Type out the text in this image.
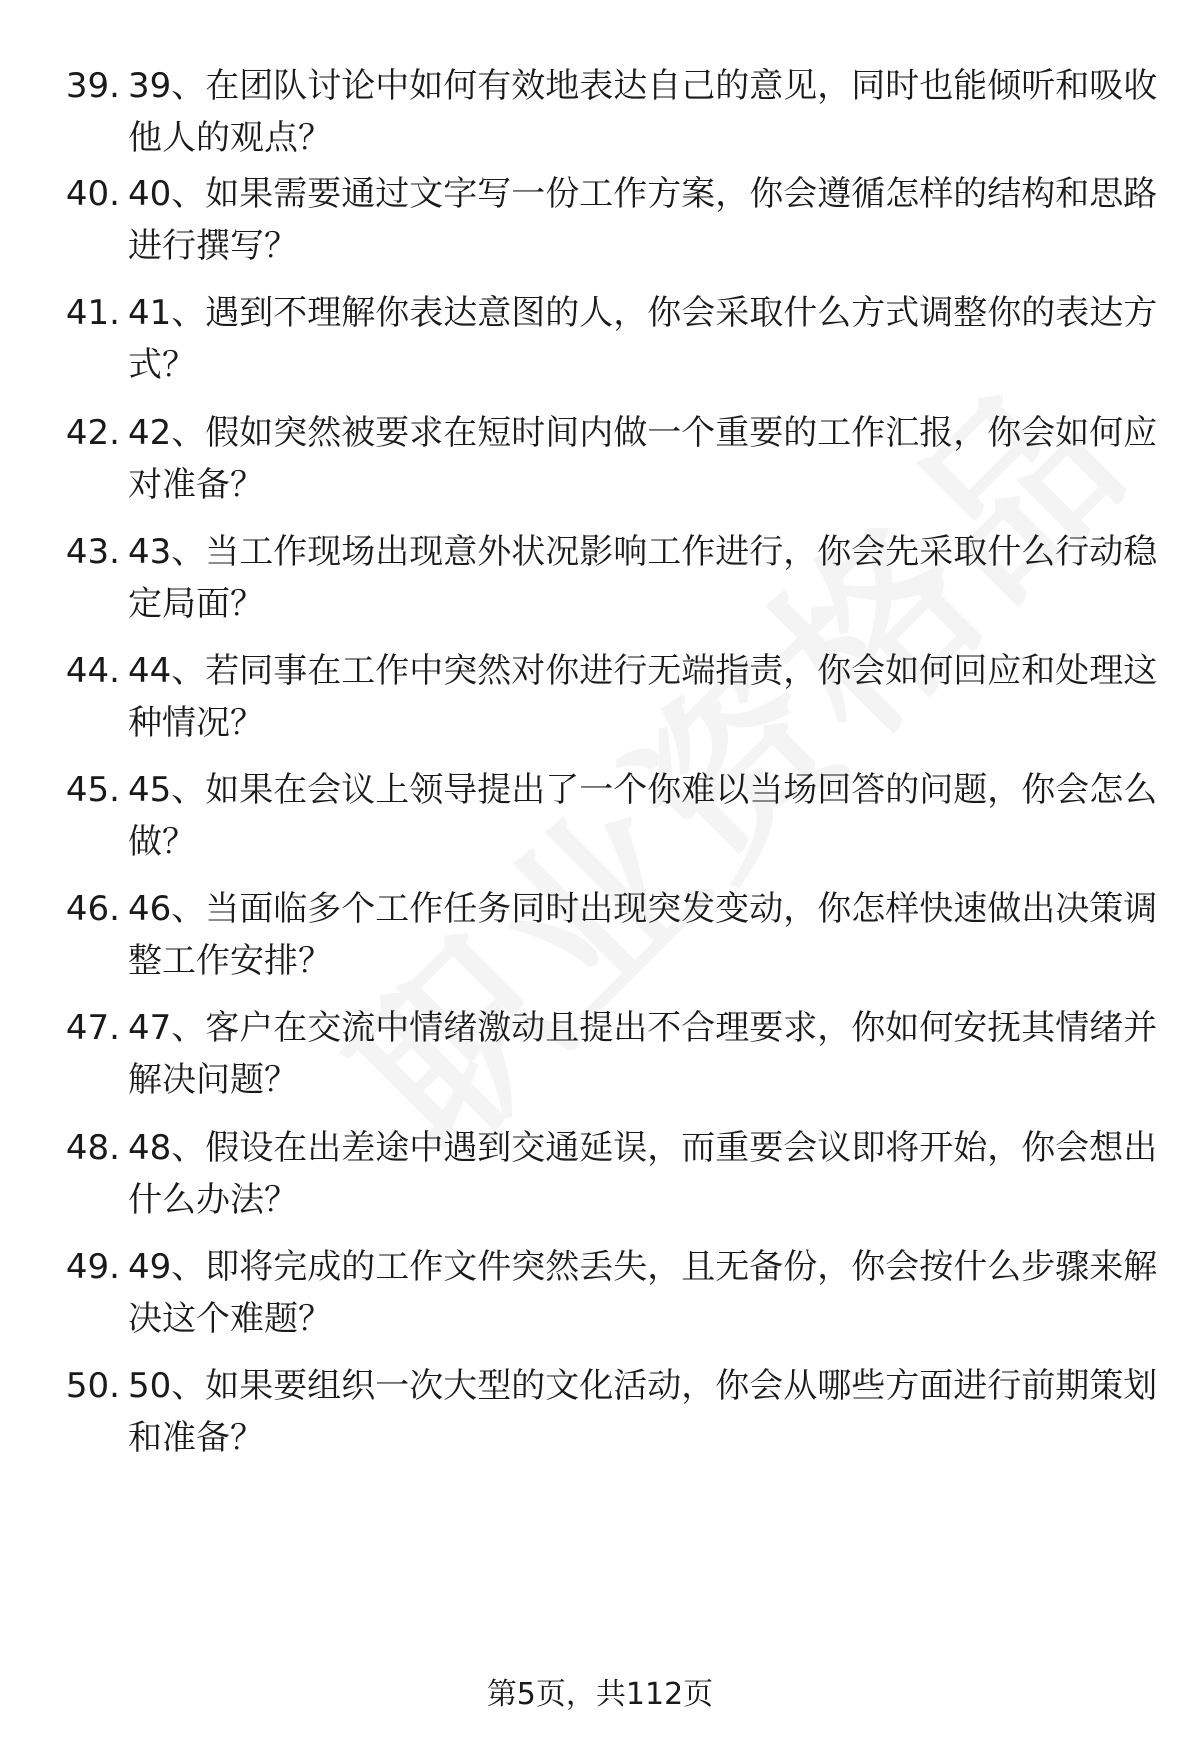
39. 39、在团队讨论中如何有效地表达自己的意见，同时也能倾听和吸收他人的观点？
40. 40、如果需要通过文字写一份工作方案，你会遵循怎样的结构和思路进行撰写？
41. 41、遇到不理解你表达意图的人，你会采取什么方式调整你的表达方式？
42. 42、假如突然被要求在短时间内做一个重要的工作汇报，你会如何应对准备？
43. 43、当工作现场出现意外状况影响工作进行，你会先采取什么行动稳定局面？
44. 44、若同事在工作中突然对你进行无端指责，你会如何回应和处理这种情况？
45. 45、如果在会议上领导提出了一个你难以当场回答的问题，你会怎么做？
46. 46、当面临多个工作任务同时出现突发变动，你怎样快速做出决策调整工作安排？
47. 47、客户在交流中情绪激动且提出不合理要求，你如何安抚其情绪并解决问题？
48. 48、假设在出差途中遇到交通延误，而重要会议即将开始，你会想出什么办法？
49. 49、即将完成的工作文件突然丢失，且无备份，你会按什么步骤来解决这个难题？
50. 50、如果要组织一次大型的文化活动，你会从哪些方面进行前期策划和准备？
第5页，共112页
